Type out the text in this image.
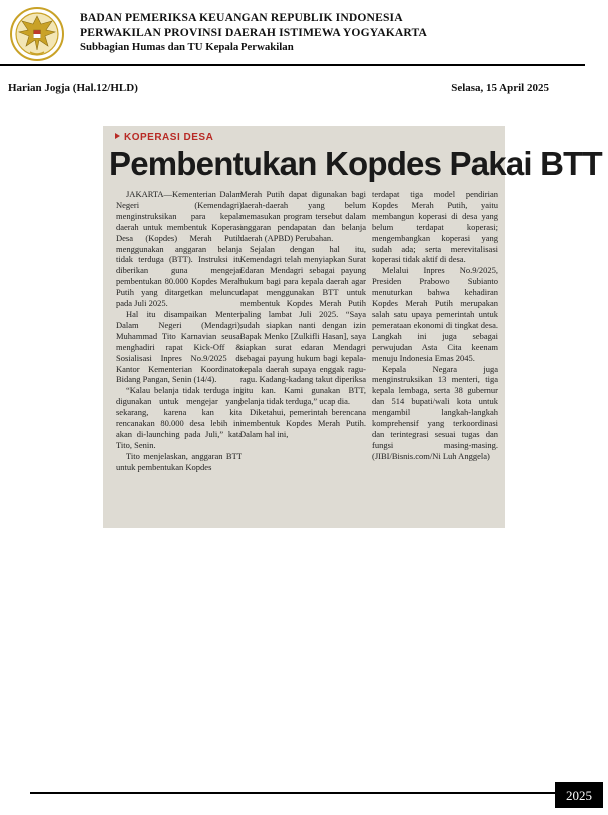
BADAN PEMERIKSA KEUANGAN REPUBLIK INDONESIA
PERWAKILAN PROVINSI DAERAH ISTIMEWA YOGYAKARTA
Subbagian Humas dan TU Kepala Perwakilan
Harian Jogja (Hal.12/HLD)	Selasa, 15 April 2025
KOPERASI DESA
Pembentukan Kopdes Pakai BTT

JAKARTA—Kementerian Dalam Negeri (Kemendagri) menginstruksikan para kepala daerah untuk membentuk Koperasi Desa (Kopdes) Merah Putih menggunakan anggaran belanja tidak terduga (BTT). Instruksi itu diberikan guna mengejar pembentukan 80.000 Kopdes Merah Putih yang ditargetkan meluncur pada Juli 2025.

Hal itu disampaikan Menteri Dalam Negeri (Mendagri), Muhammad Tito Karnavian seusai menghadiri rapat Kick-Off & Sosialisasi Inpres No.9/2025 di Kantor Kementerian Koordinator Bidang Pangan, Senin (14/4).

“Kalau belanja tidak terduga ini digunakan untuk mengejar yang sekarang, karena kan kita rencanakan 80.000 desa lebih ini akan di-launching pada Juli,” kata Tito, Senin.

Tito menjelaskan, anggaran BTT untuk pembentukan Kopdes

Merah Putih dapat digunakan bagi daerah-daerah yang belum memasukan program tersebut dalam anggaran pendapatan dan belanja daerah (APBD) Perubahan.

Sejalan dengan hal itu, Kemendagri telah menyiapkan Surat Edaran Mendagri sebagai payung hukum bagi para kepala daerah agar dapat menggunakan BTT untuk membentuk Kopdes Merah Putih paling lambat Juli 2025. “Saya sudah siapkan nanti dengan izin Bapak Menko [Zulkifli Hasan], saya siapkan surat edaran Mendagri sebagai payung hukum bagi kepala-kepala daerah supaya enggak ragu-ragu. Kadang-kadang takut diperiksa gitu kan. Kami gunakan BTT, belanja tidak terduga,” ucap dia.

Diketahui, pemerintah berencana membentuk Kopdes Merah Putih. Dalam hal ini,

terdapat tiga model pendirian Kopdes Merah Putih, yaitu membangun koperasi di desa yang belum terdapat koperasi; mengembangkan koperasi yang sudah ada; serta merevitalisasi koperasi tidak aktif di desa.

Melalui Inpres No.9/2025, Presiden Prabowo Subianto menuturkan bahwa kehadiran Kopdes Merah Putih merupakan salah satu upaya pemerintah untuk pemerataan ekonomi di tingkat desa. Langkah ini juga sebagai perwujudan Asta Cita keenam menuju Indonesia Emas 2045.

Kepala Negara juga menginstruksikan 13 menteri, tiga kepala lembaga, serta 38 gubernur dan 514 bupati/wali kota untuk mengambil langkah-langkah komprehensif yang terkoordinasi dan terintegrasi sesuai tugas dan fungsi masing-masing. (JIBI/Bisnis.com/Ni Luh Anggela)

2025
